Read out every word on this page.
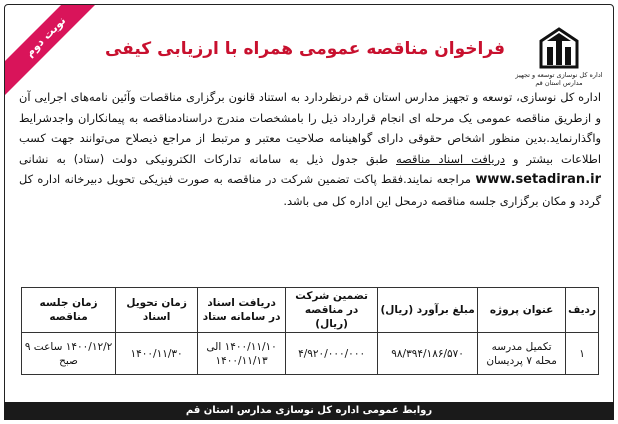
نوبت دوم
اداره کل نوسازی توسعه و تجهیز مدارس استان قم
فراخوان مناقصه عمومی همراه با ارزیابی کیفی
اداره کل نوسازی، توسعه و تجهیز مدارس استان قم درنظردارد به استناد قانون برگزاری مناقصات وآئین نامه‌های اجرایی آن و ازطریق مناقصه عمومی یک مرحله ای انجام قرارداد ذیل را بامشخصات مندرج دراسنادمناقصه به پیمانکاران واجدشرایط واگذارنماید.بدین منظور اشخاص حقوقی دارای گواهینامه صلاحیت معتبر و مرتبط از مراجع ذیصلاح می‌توانند جهت کسب اطلاعات بیشتر و دریافت اسناد مناقصه طبق جدول ذیل به سامانه تدارکات الکترونیکی دولت (ستاد) به نشانی www.setadiran.ir مراجعه نمایند.فقط پاکت تضمین شرکت در مناقصه به صورت فیزیکی تحویل دبیرخانه اداره کل گردد و مکان برگزاری جلسه مناقصه درمحل این اداره کل می باشد.
ردیف	عنوان پروژه	مبلغ برآورد (ریال)	تضمین شرکت در مناقصه (ریال)	دریافت اسناد در سامانه ستاد	زمان تحویل اسناد	زمان جلسه مناقصه
۱	تکمیل مدرسه محله ۷ پردیسان	۹۸/۳۹۴/۱۸۶/۵۷۰	۴/۹۲۰/۰۰۰/۰۰۰	۱۴۰۰/۱۱/۱۰ الی ۱۴۰۰/۱۱/۱۳	۱۴۰۰/۱۱/۳۰	۱۴۰۰/۱۲/۲ ساعت ۹ صبح
روابط عمومی اداره کل نوسازی مدارس استان قم
